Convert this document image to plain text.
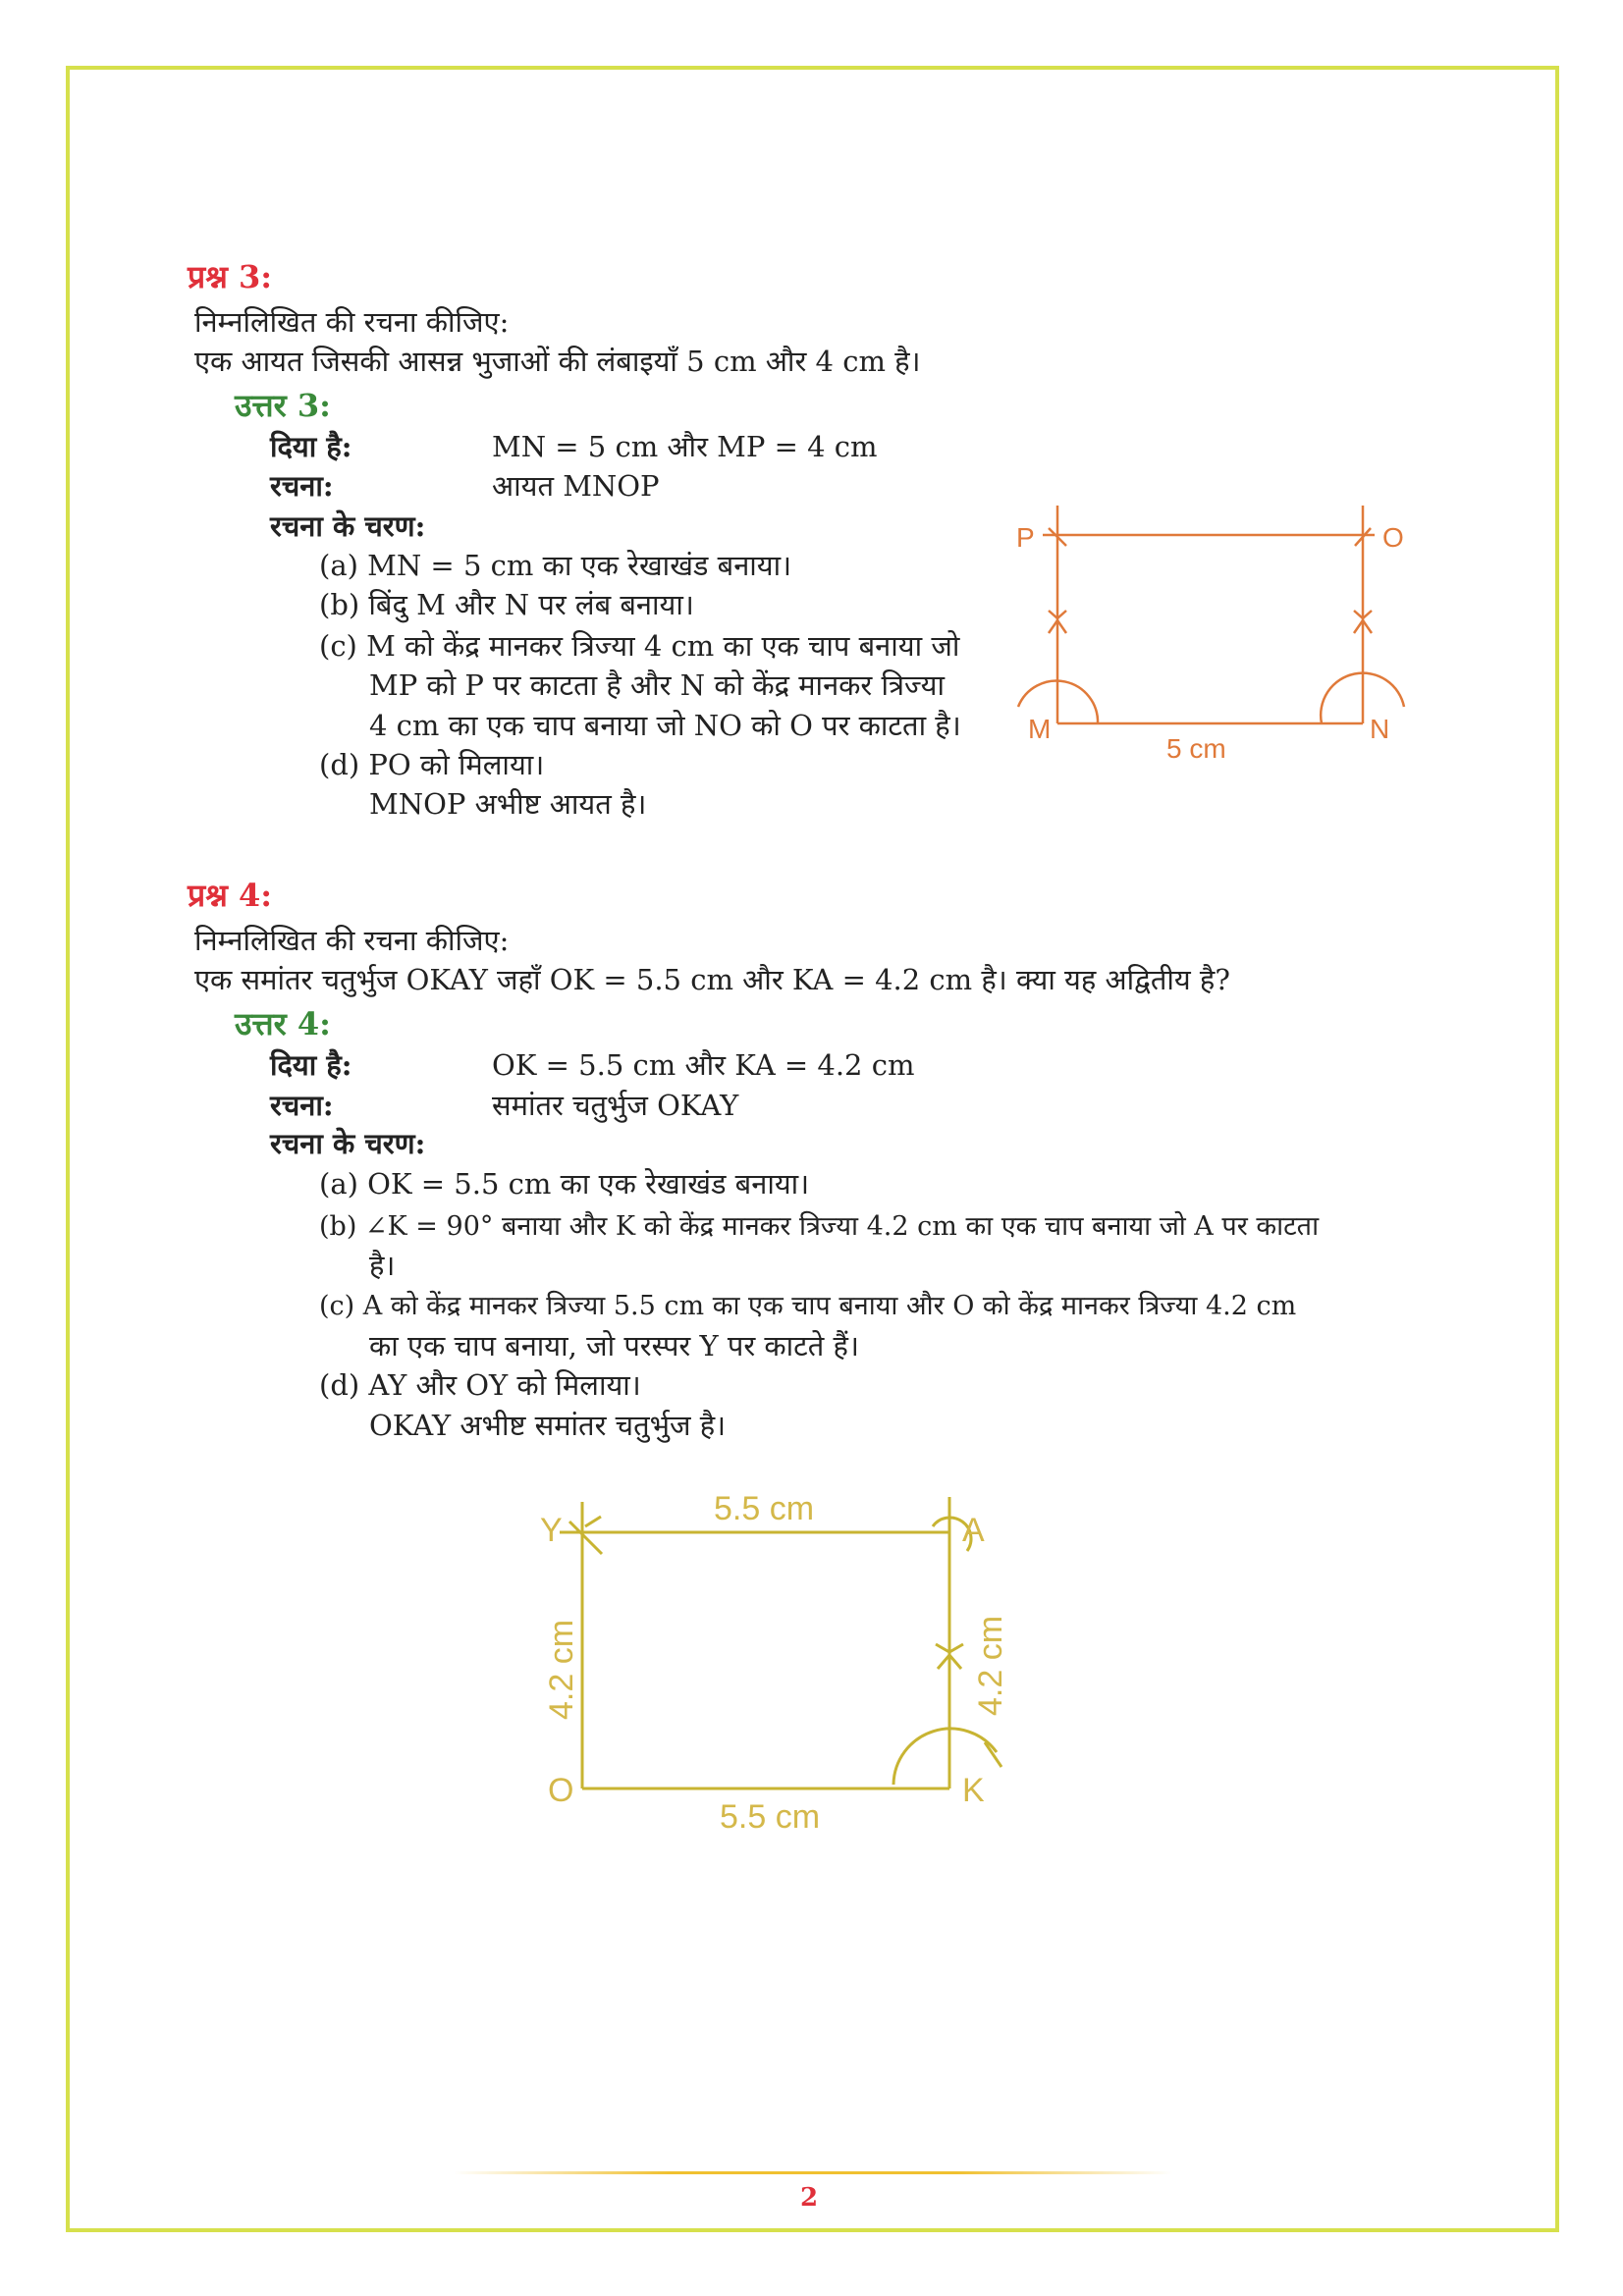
प्रश्न 3:
निम्नलिखित की रचना कीजिए:
एक आयत जिसकी आसन्न भुजाओं की लंबाइयाँ 5 cm और 4 cm है।
उत्तर 3:
दिया है:	MN = 5 cm और MP = 4 cm
रचना:	आयत MNOP
रचना के चरण:
(a) MN = 5 cm का एक रेखाखंड बनाया।
(b) बिंदु M और N पर लंब बनाया।
(c) M को केंद्र मानकर त्रिज्या 4 cm का एक चाप बनाया जो
MP को P पर काटता है और N को केंद्र मानकर त्रिज्या
4 cm का एक चाप बनाया जो NO को O पर काटता है।
(d) PO को मिलाया।
MNOP अभीष्ट आयत है।
P	O
M	N
5 cm
प्रश्न 4:
निम्नलिखित की रचना कीजिए:
एक समांतर चतुर्भुज OKAY जहाँ OK = 5.5 cm और KA = 4.2 cm है। क्या यह अद्वितीय है?
उत्तर 4:
दिया है:	OK = 5.5 cm और KA = 4.2 cm
रचना:	समांतर चतुर्भुज OKAY
रचना के चरण:
(a) OK = 5.5 cm का एक रेखाखंड बनाया।
(b) ∠K = 90° बनाया और K को केंद्र मानकर त्रिज्या 4.2 cm का एक चाप बनाया जो A पर काटता
है।
(c) A को केंद्र मानकर त्रिज्या 5.5 cm का एक चाप बनाया और O को केंद्र मानकर त्रिज्या 4.2 cm
का एक चाप बनाया, जो परस्पर Y पर काटते हैं।
(d) AY और OY को मिलाया।
OKAY अभीष्ट समांतर चतुर्भुज है।
Y	A
O	K
5.5 cm
5.5 cm
4.2 cm	4.2 cm
2
